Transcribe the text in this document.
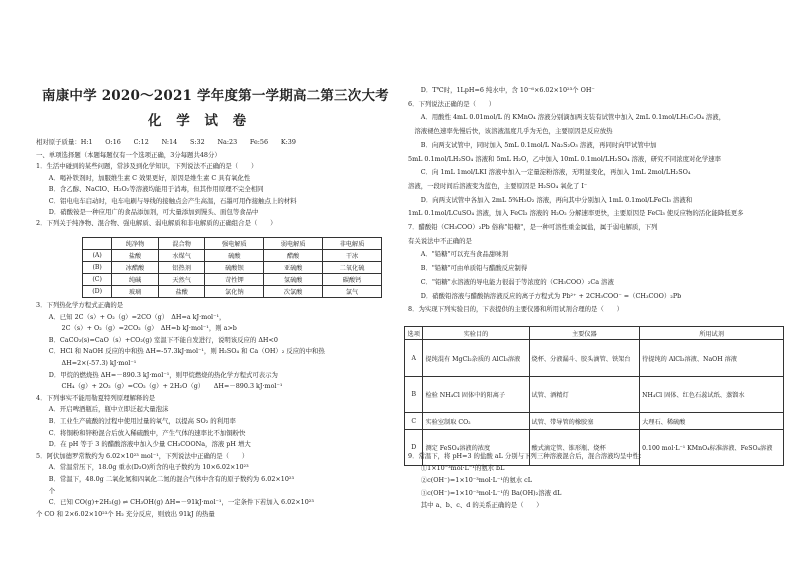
南康中学 2020～2021 学年度第一学期高二第三次大考
化 学 试 卷
相对原子质量：H:1　　O:16　　C:12　　N:14　　S:32　　Na:23　　Fe:56　　K:39
一、单项选择题（本题每题仅有一个选项正确，3分每题共48分）
1．生活中碰到的某些问题，常涉及到化学知识，下列说法不正确的是（　　）
　　A．喝补铁剂时，加服维生素 C 效果更好，原因是维生素 C 具有氧化性
　　B．含乙醇、NaClO、H₂O₂等溶液均能用于消毒，但其作用原理不完全相同
　　C．铝电电车启动时，电车电刷与导线的接触点会产生高温，石墨可用作接触点上的材料
　　D．硝酸铵是一种应用广的食品添加剂，可大量添加到馒头、面包等食品中
2．下列关于纯净物、混合物、强电解质、弱电解质和非电解质的正确组合是（　　）
	纯净物	混合物	强电解质	弱电解质	非电解质
(A)	盐酸	水煤气	硫酸	醋酸	干冰
(B)	冰醋酸	铝热剂	硫酸钡	亚硫酸	二氧化硫
(C)	纯碱	天然气	苛性钾	氢硫酸	碳酸钙
(D)	玻璃	盐酸	氯化钠	次氯酸	氯气
3．下列热化学方程式正确的是
　　A．已知 2C（s）+ O₂（g）=2CO（g）　ΔH=a kJ·mol⁻¹，
　　　　2C（s）+ O₂（g）=2CO₂（g）　ΔH=b kJ·mol⁻¹，则 a>b
　　B．CaCO₃(s)=CaO（s）+CO₂(g) 室温下不能自发进行，说明该反应的 ΔH<0
　　C．HCl 和 NaOH 反应的中和热 ΔH=-57.3kJ·mol⁻¹，则 H₂SO₄ 和 Ca（OH）₂ 反应的中和热
　　　　ΔH=2×(-57.3) kJ·mol⁻¹
　　D．甲烷的燃烧热 ΔH=－890.3 kJ·mol⁻¹，则甲烷燃烧的热化学方程式可表示为
　　　　CH₄（g）+ 2O₂（g）=CO₂（g）+ 2H₂O（g）　　ΔH=－890.3 kJ·mol⁻¹
4．下列事实不能用勒夏特列原理解释的是
　　A．开启啤酒瓶后，瓶中立即泛起大量泡沫
　　B．工业生产硫酸的过程中使用过量的氧气，以提高 SO₂ 的利用率
　　C．将铜粉和锌粉混合后放入稀硫酸中，产生气体的速率比不加铜粉快
　　D．在 pH 等于 3 的醋酸溶液中加入少量 CH₃COONa，溶液 pH 增大
5．阿伏加德罗常数约为 6.02×10²³ mol⁻¹，下列说法中正确的是（　　）
　　A．常温常压下，18.0g 重水(D₂O)所含的电子数约为 10×6.02×10²³
　　B．常温下，48.0g 二氧化氮和四氧化二氮的混合气体中含有的原子数约为 6.02×10²³
　　个
　　C．已知 CO(g)+2H₂(g) ⇌ CH₃OH(g) ΔH=－91kJ·mol⁻¹，一定条件下若加入 6.02×10²³
个 CO 和 2×6.02×10²³个 H₂ 充分反应，则放出 91kJ 的热量
　　D．T℃时，1LpH=6 纯水中，含 10⁻⁶×6.02×10²³个 OH⁻
6．下列说法正确的是（　　）
　　A．用酸性 4mL 0.01mol/L 的 KMnO₄ 溶液分别滴加两支装有试管中加入 2mL 0.1mol/LH₂C₂O₄ 溶液，
　溶液褪色速率先慢后快，该溶液温度几乎为无色，主要原因是反应放热
　　B．向两支试管中，同时加入 5mL 0.1mol/L Na₂S₂O₃ 溶液，再同时向甲试管中加
5mL 0.1mol/LH₂SO₄ 溶液和 5mL H₂O，乙中加入 10mL 0.1mol/LH₂SO₄ 溶液，研究不同浓度对化学速率
　　C．向 1mL 1mol/LKI 溶液中加入一定量淀粉溶液，无明显变化，再加入 1mL 2mol/LH₂SO₄
溶液，一段时间后溶液变为蓝色，主要原因是 H₂SO₄ 氧化了 I⁻
　　D．向两支试管中各加入 2mL 5%H₂O₂ 溶液，再向其中分别加入 1mL 0.1mol/LFeCl₃ 溶液和
1mL 0.1mol/LCuSO₄ 溶液，加入 FeCl₃ 溶液的 H₂O₂ 分解速率更快，主要原因是 FeCl₃ 使反应物的活化能降低更多
7．醋酸铅（CH₃COO）₂Pb 俗称"铅糖"，是一种可溶性重金属盐，属于弱电解质，下列
有关说法中不正确的是
　　A．"铅糖"可以充当食品甜味剂
　　B．"铅糖"可由单质铅与醋酸反应制得
　　C．"铅糖"水溶液的导电能力很弱于等浓度的（CH₃COO）₂Ca 溶液
　　D．硝酸铅溶液与醋酸钠溶液反应的离子方程式为 Pb²⁺ + 2CH₃COO⁻ =（CH₃COO）₂Pb
8．为实现下列实验目的，下表提供的主要仪器和所用试剂合理的是（　　）
选项	实验目的	主要仪器	所用试剂
A	提纯混有 MgCl₂杂质的 AlCl₃溶液	烧杯、分液漏斗、胶头滴管、铁架台	待提纯的 AlCl₃溶液、NaOH 溶液
B	检验 NH₄Cl 固体中的阳离子	试管、酒精灯	NH₄Cl 固体、红色石蕊试纸、蒸馏水
C	实验室制取 CO₂	试管、带导管的橡胶塞	大理石、稀硫酸
D	测定 FeSO₄溶液的浓度	酸式滴定管、锥形瓶、烧杯	0.100 mol·L⁻¹ KMnO₄标准溶液、FeSO₄溶液
9．常温下，将 pH=3 的盐酸 aL 分别与下列三种溶液混合后，混合溶液均呈中性：
　　①1×10⁻³mol·L⁻¹的氨水 bL
　　②c(OH⁻)=1×10⁻³mol·L⁻¹的氨水 cL
　　③c(OH⁻)=1×10⁻³mol·L⁻¹的 Ba(OH)₂溶液 dL
　　其中 a、b、c、d 的关系正确的是（　　）
